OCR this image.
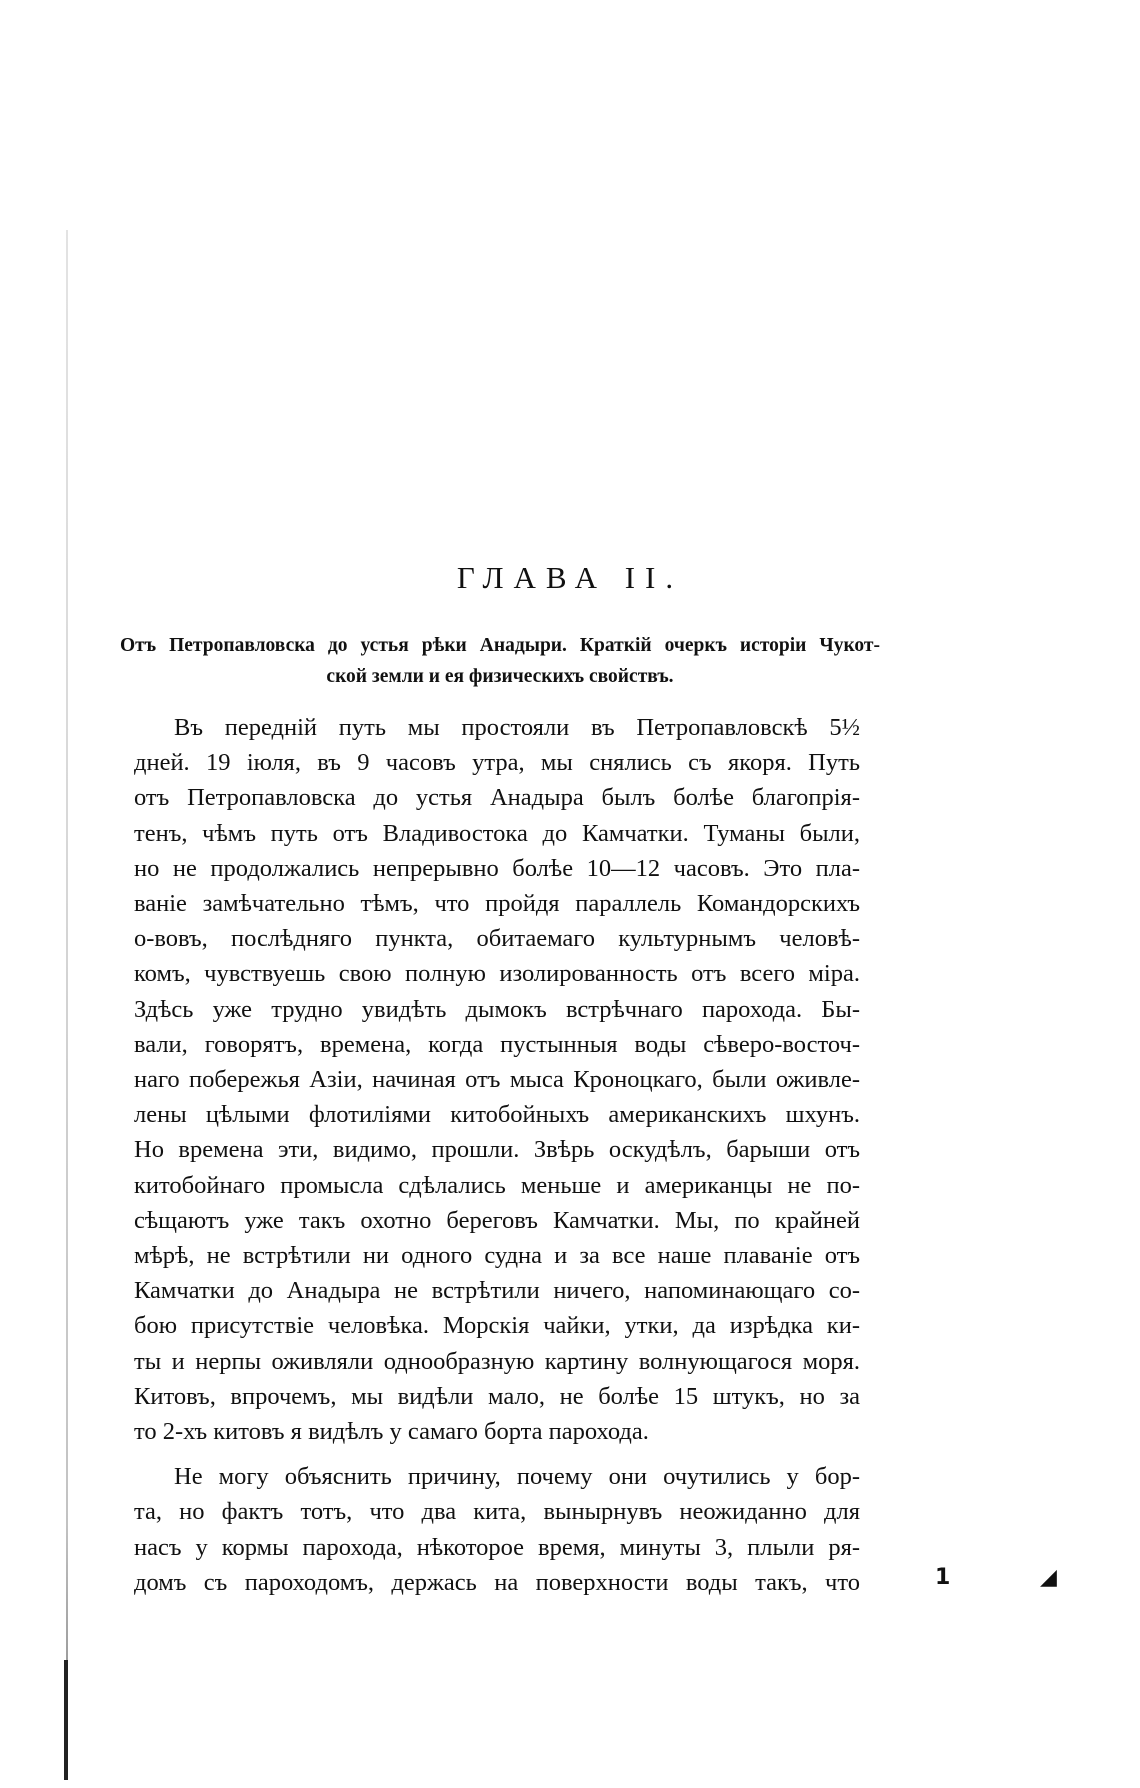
ГЛАВА II.
Отъ Петропавловска до устья рѣки Анадыри. Краткій очеркъ исторіи Чукот-
ской земли и ея физическихъ свойствъ.
Въ передній путь мы простояли въ Петропавловскѣ 5½
дней. 19 іюля, въ 9 часовъ утра, мы снялись съ якоря. Путь
отъ Петропавловска до устья Анадыра былъ болѣе благопрія-
тенъ, чѣмъ путь отъ Владивостока до Камчатки. Туманы были,
но не продолжались непрерывно болѣе 10—12 часовъ. Это пла-
ваніе замѣчательно тѣмъ, что пройдя параллель Командорскихъ
о-вовъ, послѣдняго пункта, обитаемаго культурнымъ человѣ-
комъ, чувствуешь свою полную изолированность отъ всего міра.
Здѣсь уже трудно увидѣть дымокъ встрѣчнаго парохода. Бы-
вали, говорятъ, времена, когда пустынныя воды сѣверо-восточ-
наго побережья Азіи, начиная отъ мыса Кроноцкаго, были оживле-
лены цѣлыми флотиліями китобойныхъ американскихъ шхунъ.
Но времена эти, видимо, прошли. Звѣрь оскудѣлъ, барыши отъ
китобойнаго промысла сдѣлались меньше и американцы не по-
сѣщаютъ уже такъ охотно береговъ Камчатки. Мы, по крайней
мѣрѣ, не встрѣтили ни одного судна и за все наше плаваніе отъ
Камчатки до Анадыра не встрѣтили ничего, напоминающаго со-
бою присутствіе человѣка. Морскія чайки, утки, да изрѣдка ки-
ты и нерпы оживляли однообразную картину волнующагося моря.
Китовъ, впрочемъ, мы видѣли мало, не болѣе 15 штукъ, но за
то 2-хъ китовъ я видѣлъ у самаго борта парохода.
Не могу объяснить причину, почему они очутились у бор-
та, но фактъ тотъ, что два кита, вынырнувъ неожиданно для
насъ у кормы парохода, нѣкоторое время, минуты 3, плыли ря-
домъ съ пароходомъ, держась на поверхности воды такъ, что	1	◢
